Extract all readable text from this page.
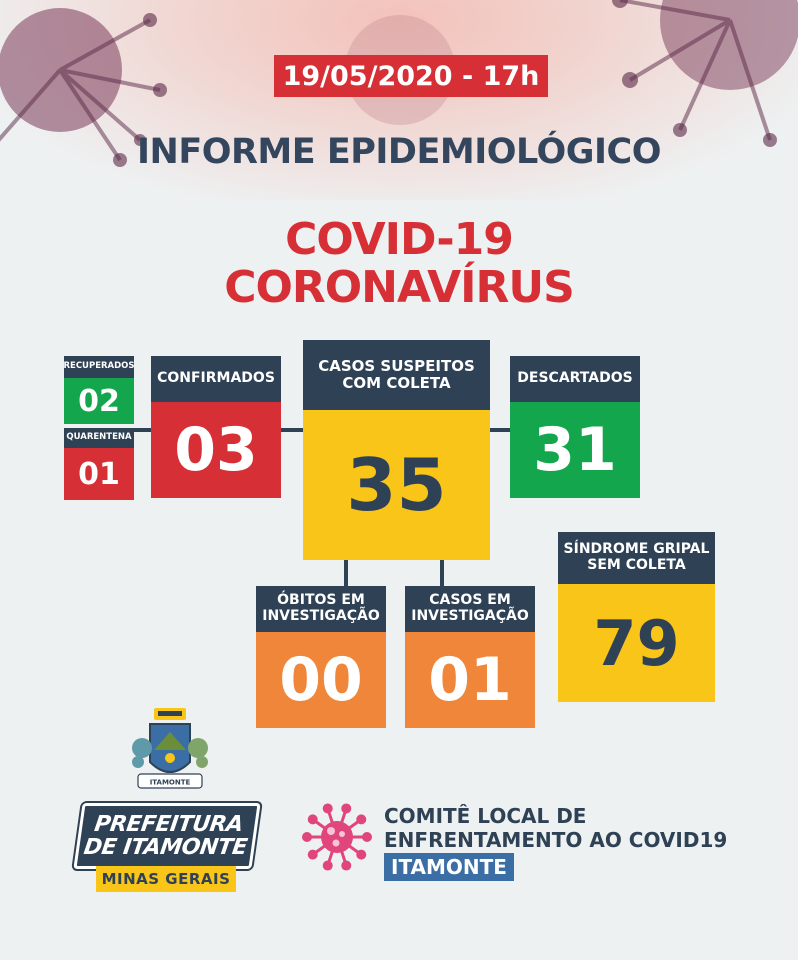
19/05/2020 - 17h
INFORME EPIDEMIOLÓGICO
COVID-19
CORONAVÍRUS
RECUPERADOS
02
QUARENTENA
01
CONFIRMADOS
03
CASOS SUSPEITOS
COM COLETA
35
DESCARTADOS
31
ÓBITOS EM
INVESTIGAÇÃO
00
CASOS EM
INVESTIGAÇÃO
01
SÍNDROME GRIPAL
SEM COLETA
79
ITAMONTE
PREFEITURA
DE ITAMONTE
MINAS GERAIS
COMITÊ LOCAL DE
ENFRENTAMENTO AO COVID19
ITAMONTE
